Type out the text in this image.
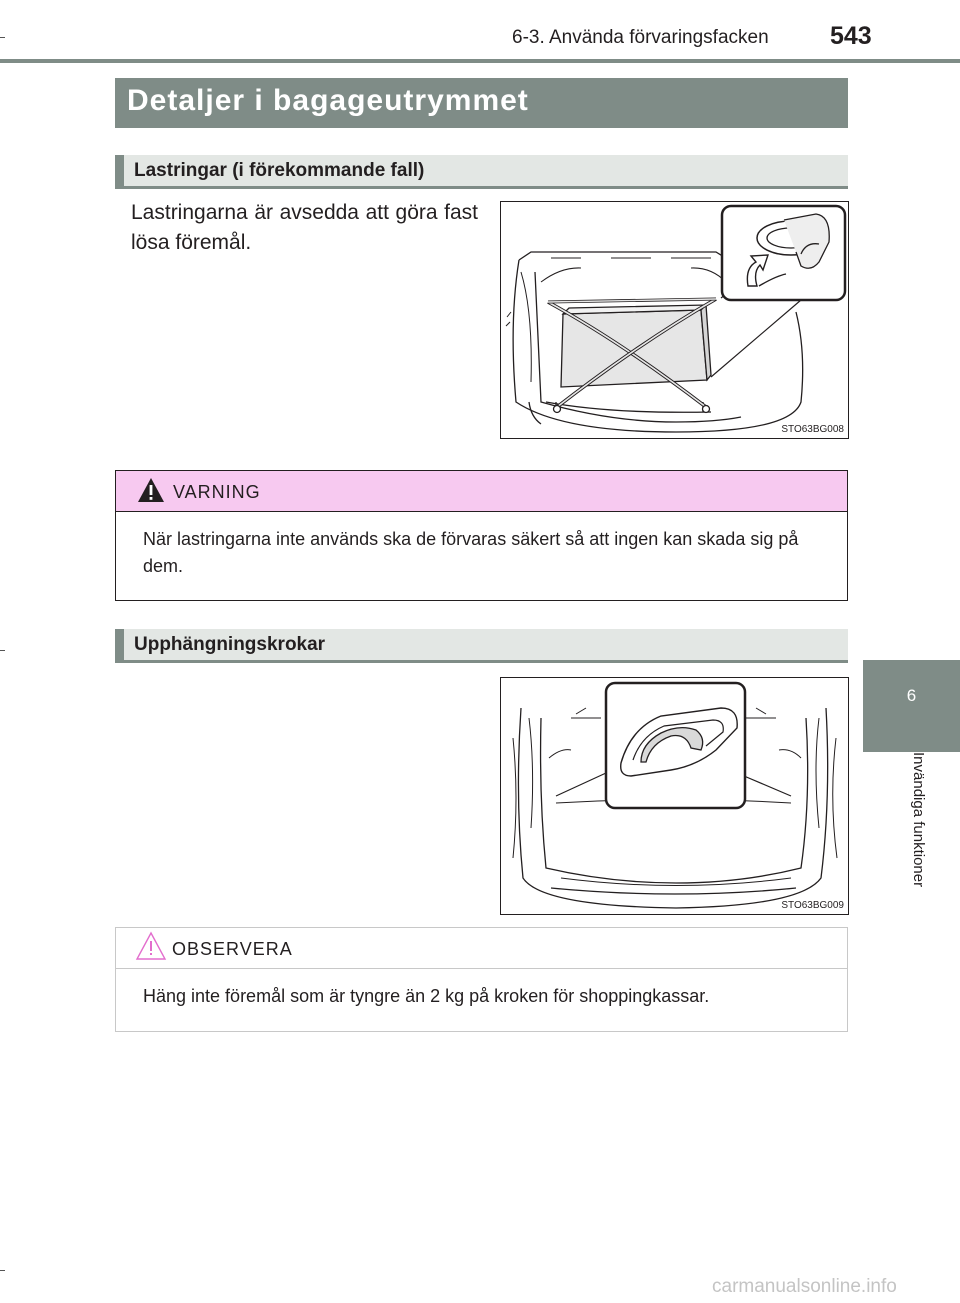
6-3. Använda förvaringsfacken 543
6
Invändiga funktioner
Detaljer i bagageutrymmet
Lastringar (i förekommande fall)
Lastringarna är avsedda att göra fast lösa föremål.
STO63BG008
VARNING
När lastringarna inte används ska de förvaras säkert så att ingen kan skada sig på dem.
Upphängningskrokar
STO63BG009
OBSERVERA
Häng inte föremål som är tyngre än 2 kg på kroken för shoppingkassar.
carmanualsonline.info
